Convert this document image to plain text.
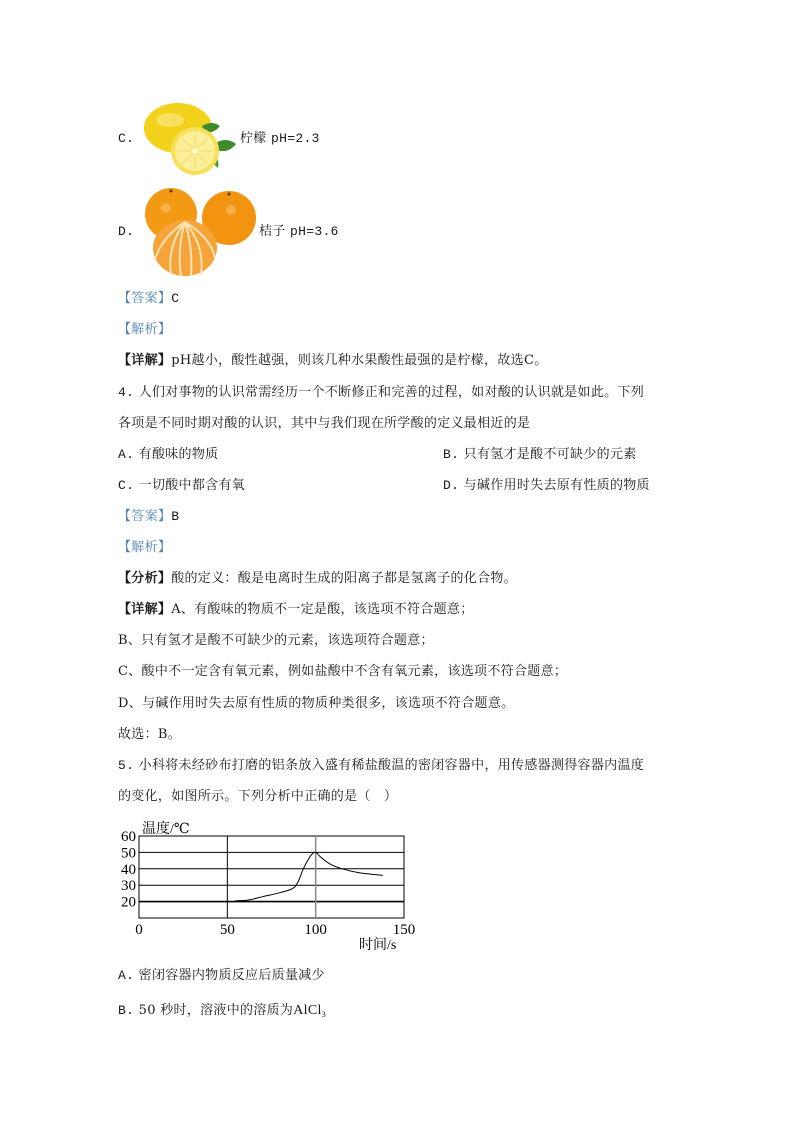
C.	柠檬 pH=2.3
D.	桔子 pH=3.6
【答案】C
【解析】
【详解】pH越小，酸性越强，则该几种水果酸性最强的是柠檬，故选C。
4. 人们对事物的认识常需经历一个不断修正和完善的过程，如对酸的认识就是如此。下列
各项是不同时期对酸的认识，其中与我们现在所学酸的定义最相近的是
A. 有酸味的物质	B. 只有氢才是酸不可缺少的元素
C. 一切酸中都含有氧	D. 与碱作用时失去原有性质的物质
【答案】B
【解析】
【分析】酸的定义：酸是电离时生成的阳离子都是氢离子的化合物。
【详解】A、有酸味的物质不一定是酸，该选项不符合题意；
B、只有氢才是酸不可缺少的元素，该选项符合题意；
C、酸中不一定含有氧元素，例如盐酸中不含有氧元素，该选项不符合题意；
D、与碱作用时失去原有性质的物质种类很多，该选项不符合题意。
故选：B。
5. 小科将未经砂布打磨的铝条放入盛有稀盐酸温的密闭容器中，用传感器测得容器内温度
的变化，如图所示。下列分析中正确的是（　）
20
30
40
50
60
0	50	100	150
温度/℃
时间/s
A. 密闭容器内物质反应后质量减少
B. 50 秒时，溶液中的溶质为AlCl$_3$
